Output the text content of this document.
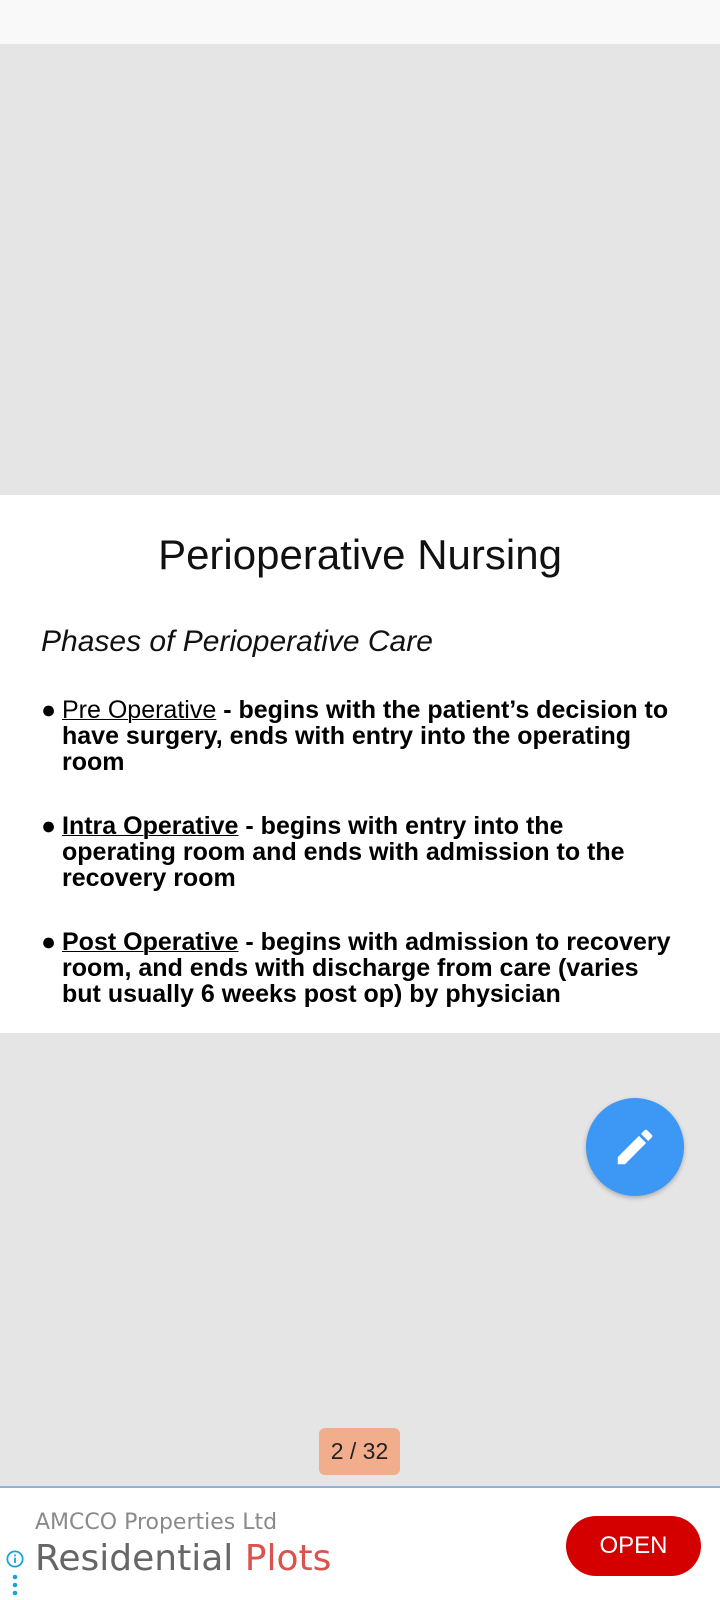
Perioperative Nursing
Phases of Perioperative Care
● Pre Operative - begins with the patient’s decision to have surgery, ends with entry into the operating room
● Intra Operative - begins with entry into the operating room and ends with admission to the recovery room
● Post Operative - begins with admission to recovery room, and ends with discharge from care (varies but usually 6 weeks post op) by physician
2 / 32
AMCCO Properties Ltd
Residential Plots	OPEN
